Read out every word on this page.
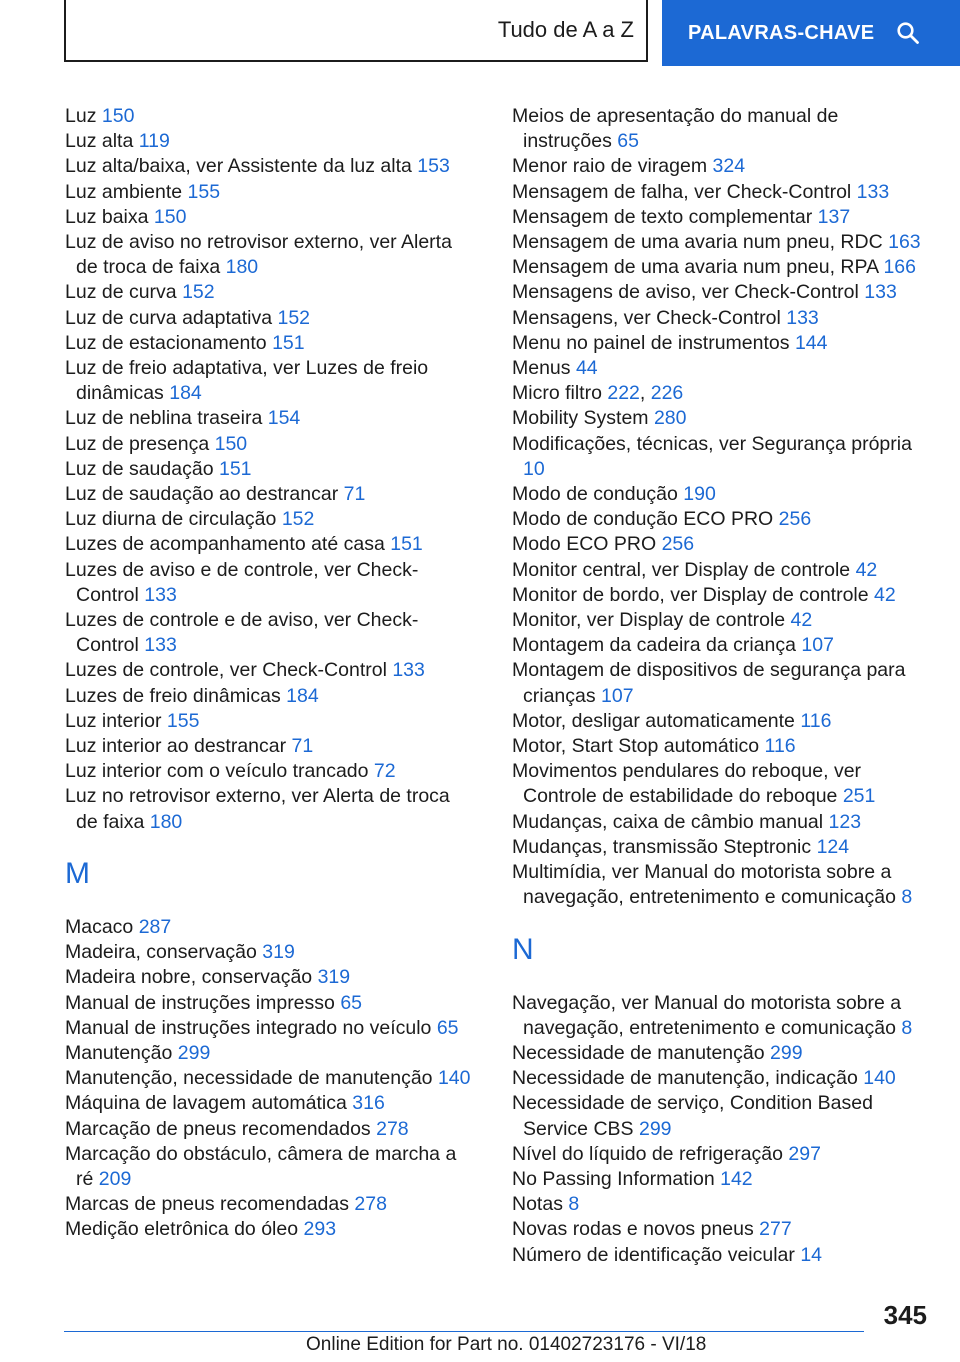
Tudo de A a Z	PALAVRAS-CHAVE
Luz 150
Luz alta 119
Luz alta/baixa, ver Assistente da luz alta 153
Luz ambiente 155
Luz baixa 150
Luz de aviso no retrovisor externo, ver Alerta de troca de faixa 180
Luz de curva 152
Luz de curva adaptativa 152
Luz de estacionamento 151
Luz de freio adaptativa, ver Luzes de freio dinâmicas 184
Luz de neblina traseira 154
Luz de presença 150
Luz de saudação 151
Luz de saudação ao destrancar 71
Luz diurna de circulação 152
Luzes de acompanhamento até casa 151
Luzes de aviso e de controle, ver Check-Control 133
Luzes de controle e de aviso, ver Check-Control 133
Luzes de controle, ver Check-Control 133
Luzes de freio dinâmicas 184
Luz interior 155
Luz interior ao destrancar 71
Luz interior com o veículo trancado 72
Luz no retrovisor externo, ver Alerta de troca de faixa 180
M
Macaco 287
Madeira, conservação 319
Madeira nobre, conservação 319
Manual de instruções impresso 65
Manual de instruções integrado no veículo 65
Manutenção 299
Manutenção, necessidade de manutenção 140
Máquina de lavagem automática 316
Marcação de pneus recomendados 278
Marcação do obstáculo, câmera de marcha a ré 209
Marcas de pneus recomendadas 278
Medição eletrônica do óleo 293
Meios de apresentação do manual de instruções 65
Menor raio de viragem 324
Mensagem de falha, ver Check-Control 133
Mensagem de texto complementar 137
Mensagem de uma avaria num pneu, RDC 163
Mensagem de uma avaria num pneu, RPA 166
Mensagens de aviso, ver Check-Control 133
Mensagens, ver Check-Control 133
Menu no painel de instrumentos 144
Menus 44
Micro filtro 222, 226
Mobility System 280
Modificações, técnicas, ver Segurança própria 10
Modo de condução 190
Modo de condução ECO PRO 256
Modo ECO PRO 256
Monitor central, ver Display de controle 42
Monitor de bordo, ver Display de controle 42
Monitor, ver Display de controle 42
Montagem da cadeira da criança 107
Montagem de dispositivos de segurança para crianças 107
Motor, desligar automaticamente 116
Motor, Start Stop automático 116
Movimentos pendulares do reboque, ver Controle de estabilidade do reboque 251
Mudanças, caixa de câmbio manual 123
Mudanças, transmissão Steptronic 124
Multimídia, ver Manual do motorista sobre a navegação, entretenimento e comunicação 8
N
Navegação, ver Manual do motorista sobre a navegação, entretenimento e comunicação 8
Necessidade de manutenção 299
Necessidade de manutenção, indicação 140
Necessidade de serviço, Condition Based Service CBS 299
Nível do líquido de refrigeração 297
No Passing Information 142
Notas 8
Novas rodas e novos pneus 277
Número de identificação veicular 14
345
Online Edition for Part no. 01402723176 - VI/18
